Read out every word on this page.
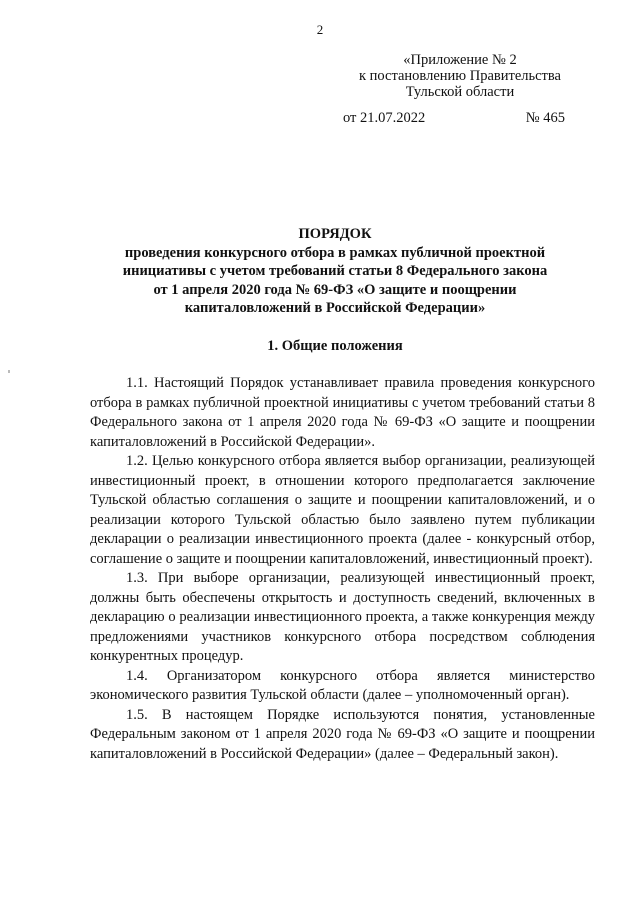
2
«Приложение № 2
к постановлению Правительства
Тульской области
от 21.07.2022	№ 465
ПОРЯДОК
проведения конкурсного отбора в рамках публичной проектной
инициативы с учетом требований статьи 8 Федерального закона
от 1 апреля 2020 года № 69-ФЗ «О защите и поощрении
капиталовложений в Российской Федерации»
1. Общие положения

1.1. Настоящий Порядок устанавливает правила проведения конкурсного отбора в рамках публичной проектной инициативы с учетом требований статьи 8 Федерального закона от 1 апреля 2020 года № 69-ФЗ «О защите и поощрении капиталовложений в Российской Федерации».

1.2. Целью конкурсного отбора является выбор организации, реализующей инвестиционный проект, в отношении которого предполагается заключение Тульской областью соглашения о защите и поощрении капиталовложений, и о реализации которого Тульской областью было заявлено путем публикации декларации о реализации инвестиционного проекта (далее - конкурсный отбор, соглашение о защите и поощрении капиталовложений, инвестиционный проект).

1.3. При выборе организации, реализующей инвестиционный проект, должны быть обеспечены открытость и доступность сведений, включенных в декларацию о реализации инвестиционного проекта, а также конкуренция между предложениями участников конкурсного отбора посредством соблюдения конкурентных процедур.

1.4. Организатором конкурсного отбора является министерство экономического развития Тульской области (далее – уполномоченный орган).

1.5. В настоящем Порядке используются понятия, установленные Федеральным законом от 1 апреля 2020 года № 69-ФЗ «О защите и поощрении капиталовложений в Российской Федерации» (далее – Федеральный закон).
